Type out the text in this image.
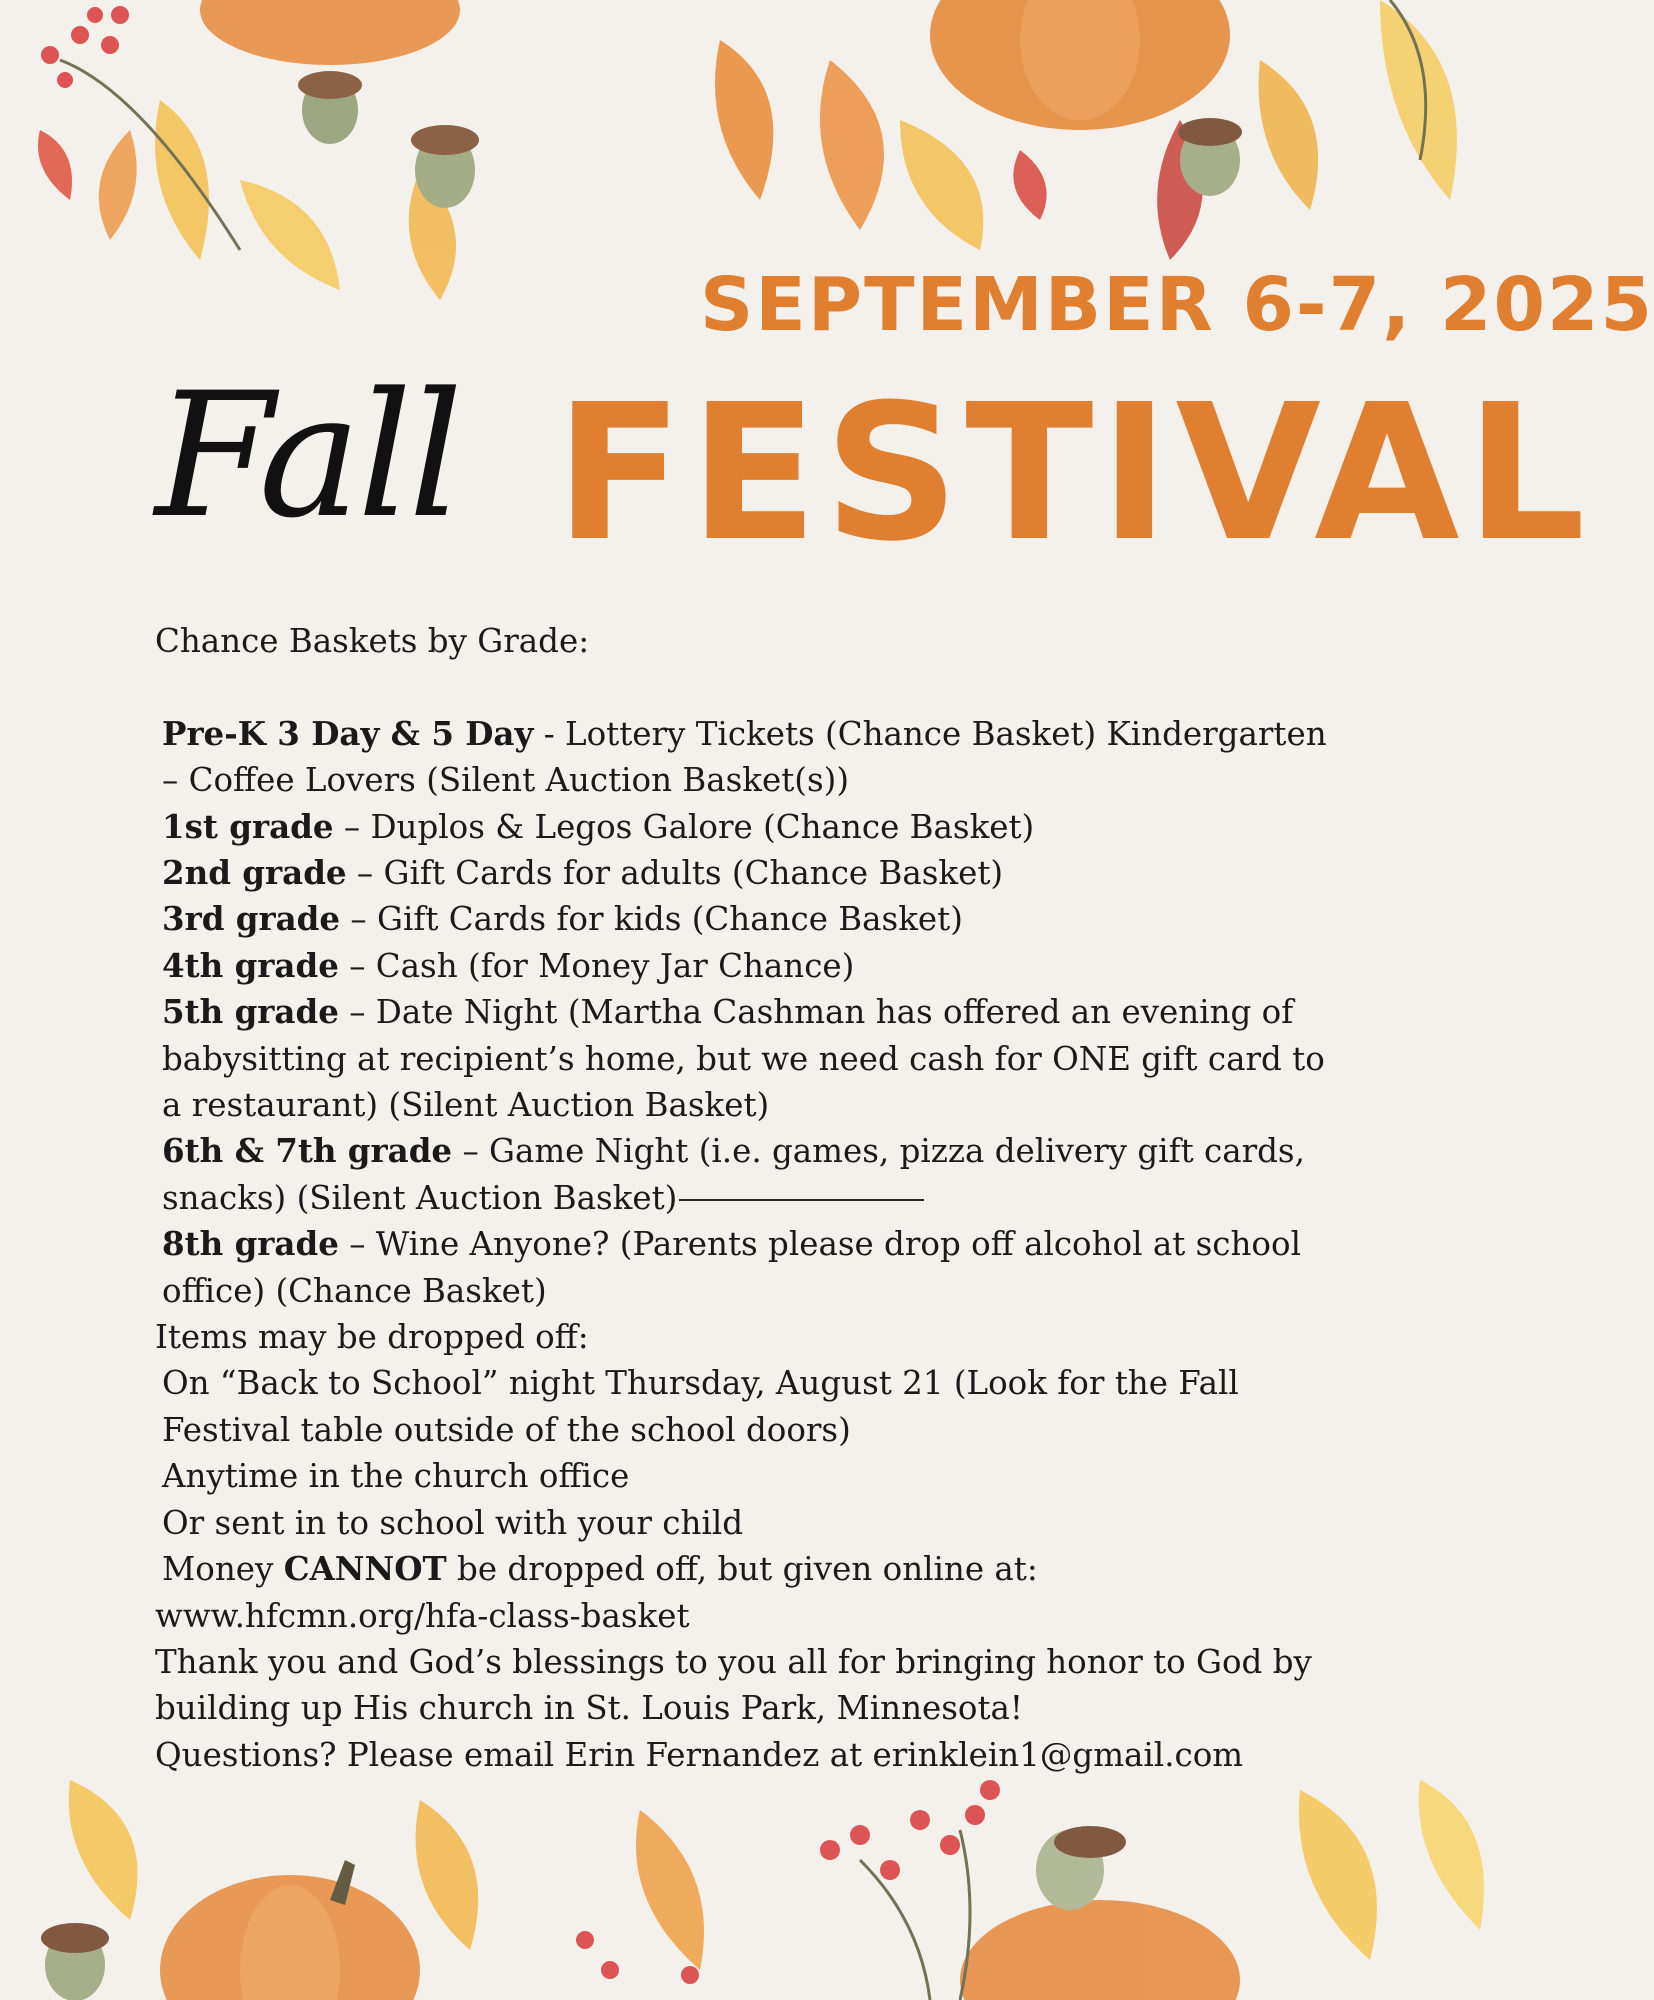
SEPTEMBER 6-7, 2025
Fall FESTIVAL

Chance Baskets by Grade:

Pre-K 3 Day & 5 Day - Lottery Tickets (Chance Basket) Kindergarten – Coffee Lovers (Silent Auction Basket(s))

1st grade – Duplos & Legos Galore (Chance Basket)

2nd grade – Gift Cards for adults (Chance Basket)

3rd grade – Gift Cards for kids (Chance Basket)

4th grade – Cash (for Money Jar Chance)

5th grade – Date Night (Martha Cashman has offered an evening of babysitting at recipient’s home, but we need cash for ONE gift card to a restaurant) (Silent Auction Basket)

6th & 7th grade – Game Night (i.e. games, pizza delivery gift cards, snacks) (Silent Auction Basket)

8th grade – Wine Anyone? (Parents please drop off alcohol at school office) (Chance Basket)

Items may be dropped off:

On “Back to School” night Thursday, August 21 (Look for the Fall Festival table outside of the school doors)

Anytime in the church office

Or sent in to school with your child

Money CANNOT be dropped off, but given online at:

www.hfcmn.org/hfa-class-basket

Thank you and God’s blessings to you all for bringing honor to God by building up His church in St. Louis Park, Minnesota!

Questions? Please email Erin Fernandez at erinklein1@gmail.com
